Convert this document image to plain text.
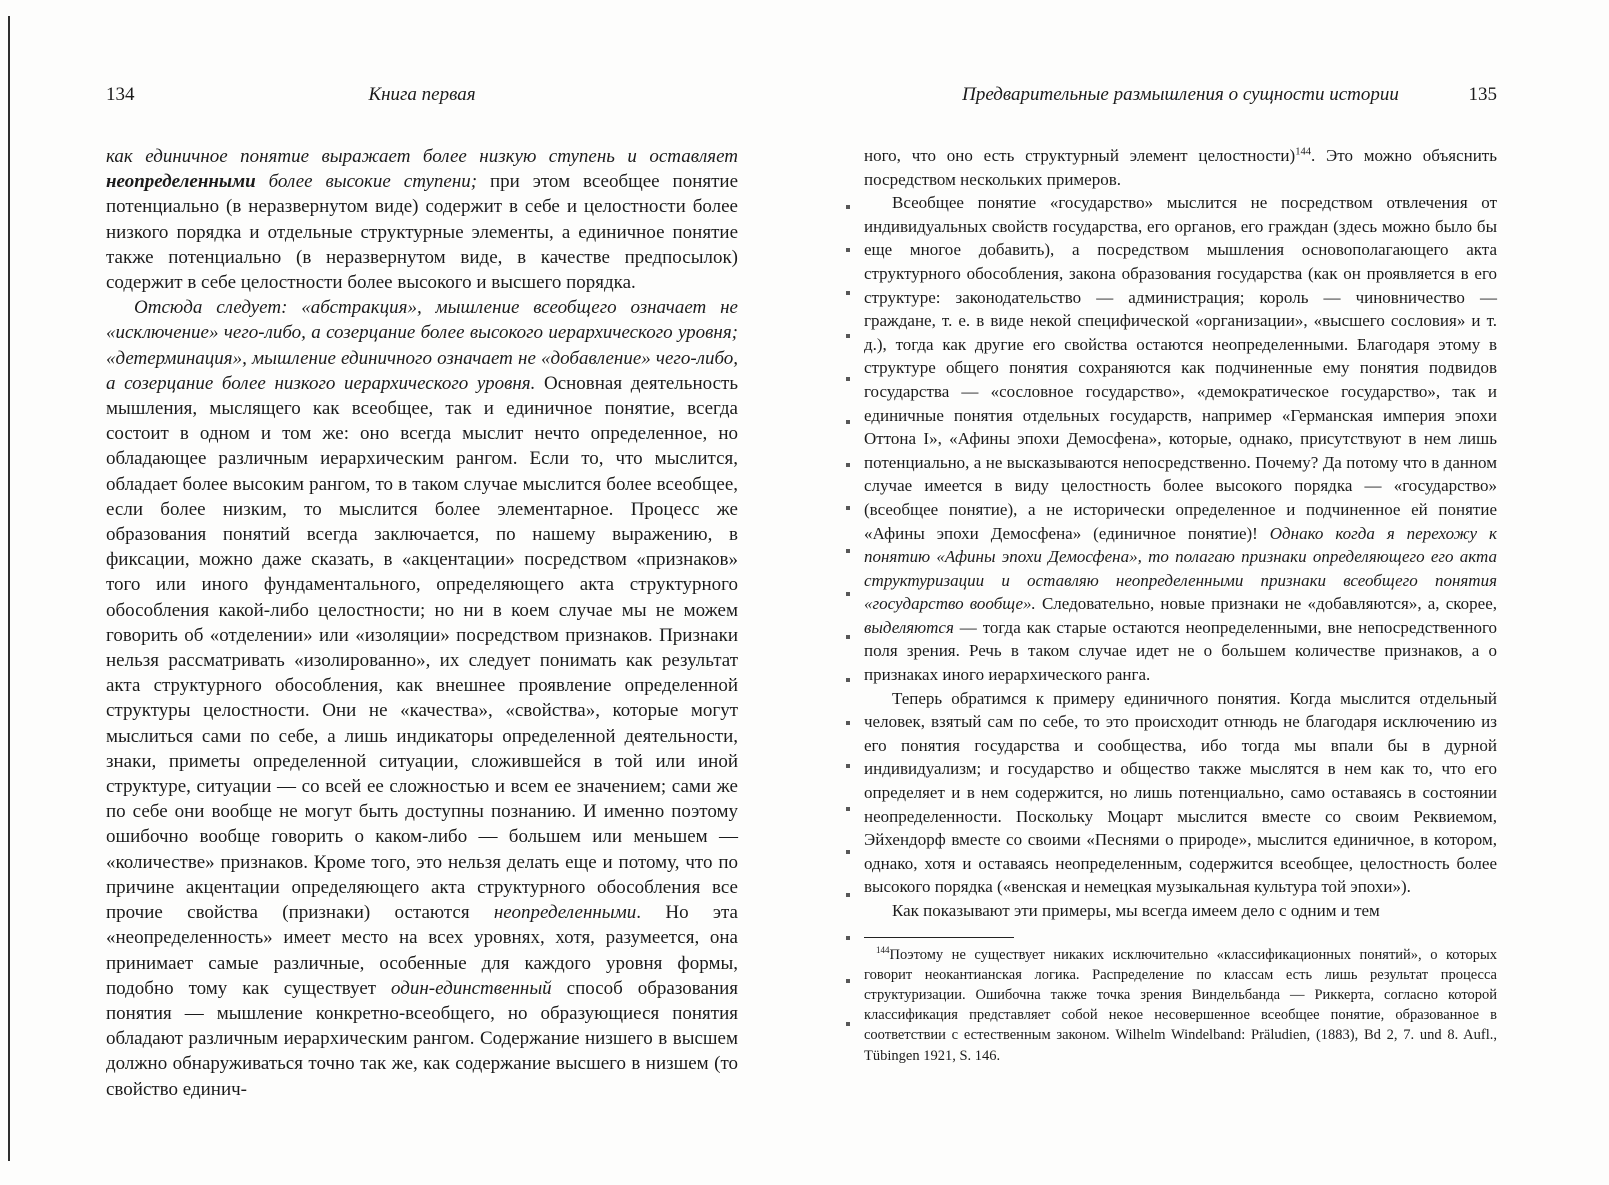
134	Книга первая

как единичное понятие выражает более низкую ступень и оставляет неопределенными более высокие ступени; при этом всеобщее понятие потенциально (в неразвернутом виде) содержит в себе и целостности более низкого порядка и отдельные структурные элементы, а единичное понятие также потенциально (в неразвернутом виде, в качестве предпосылок) содержит в себе целостности более высокого и высшего порядка.

Отсюда следует: «абстракция», мышление всеобщего означает не «исключение» чего-либо, а созерцание более высокого иерархического уровня; «детерминация», мышление единичного означает не «добавление» чего-либо, а созерцание более низкого иерархического уровня. Основная деятельность мышления, мыслящего как всеобщее, так и единичное понятие, всегда состоит в одном и том же: оно всегда мыслит нечто определенное, но обладающее различным иерархическим рангом. Если то, что мыслится, обладает более высоким рангом, то в таком случае мыслится более всеобщее, если более низким, то мыслится более элементарное. Процесс же образования понятий всегда заключается, по нашему выражению, в фиксации, можно даже сказать, в «акцентации» посредством «признаков» того или иного фундаментального, определяющего акта структурного обособления какой-либо целостности; но ни в коем случае мы не можем говорить об «отделении» или «изоляции» посредством признаков. Признаки нельзя рассматривать «изолированно», их следует понимать как результат акта структурного обособления, как внешнее проявление определенной структуры целостности. Они не «качества», «свойства», которые могут мыслиться сами по себе, а лишь индикаторы определенной деятельности, знаки, приметы определенной ситуации, сложившейся в той или иной структуре, ситуации — со всей ее сложностью и всем ее значением; сами же по себе они вообще не могут быть доступны познанию. И именно поэтому ошибочно вообще говорить о каком-либо — большем или меньшем — «количестве» признаков. Кроме того, это нельзя делать еще и потому, что по причине акцентации определяющего акта структурного обособления все прочие свойства (признаки) остаются неопределенными. Но эта «неопределенность» имеет место на всех уровнях, хотя, разумеется, она принимает самые различные, особенные для каждого уровня формы, подобно тому как существует один-единственный способ образования понятия — мышление конкретно-всеобщего, но образующиеся понятия обладают различным иерархическим рангом. Содержание низшего в высшем должно обнаруживаться точно так же, как содержание высшего в низшем (то свойство единич-

Предварительные размышления о сущности истории	135

ного, что оно есть структурный элемент целостности)$^{144}$. Это можно объяснить посредством нескольких примеров.

Всеобщее понятие «государство» мыслится не посредством отвлечения от индивидуальных свойств государства, его органов, его граждан (здесь можно было бы еще многое добавить), а посредством мышления основополагающего акта структурного обособления, закона образования государства (как он проявляется в его структуре: законодательство — администрация; король — чиновничество — граждане, т. е. в виде некой специфической «организации», «высшего сословия» и т. д.), тогда как другие его свойства остаются неопределенными. Благодаря этому в структуре общего понятия сохраняются как подчиненные ему понятия подвидов государства — «сословное государство», «демократическое государство», так и единичные понятия отдельных государств, например «Германская империя эпохи Оттона I», «Афины эпохи Демосфена», которые, однако, присутствуют в нем лишь потенциально, а не высказываются непосредственно. Почему? Да потому что в данном случае имеется в виду целостность более высокого порядка — «государство» (всеобщее понятие), а не исторически определенное и подчиненное ей понятие «Афины эпохи Демосфена» (единичное понятие)! Однако когда я перехожу к понятию «Афины эпохи Демосфена», то полагаю признаки определяющего его акта структуризации и оставляю неопределенными признаки всеобщего понятия «государство вообще». Следовательно, новые признаки не «добавляются», а, скорее, выделяются — тогда как старые остаются неопределенными, вне непосредственного поля зрения. Речь в таком случае идет не о большем количестве признаков, а о признаках иного иерархического ранга.

Теперь обратимся к примеру единичного понятия. Когда мыслится отдельный человек, взятый сам по себе, то это происходит отнюдь не благодаря исключению из его понятия государства и сообщества, ибо тогда мы впали бы в дурной индивидуализм; и государство и общество также мыслятся в нем как то, что его определяет и в нем содержится, но лишь потенциально, само оставаясь в состоянии неопределенности. Поскольку Моцарт мыслится вместе со своим Реквиемом, Эйхендорф вместе со своими «Песнями о природе», мыслится единичное, в котором, однако, хотя и оставаясь неопределенным, содержится всеобщее, целостность более высокого порядка («венская и немецкая музыкальная культура той эпохи»).

Как показывают эти примеры, мы всегда имеем дело с одним и тем

$^{144}$Поэтому не существует никаких исключительно «классификационных понятий», о которых говорит неокантианская логика. Распределение по классам есть лишь результат процесса структуризации. Ошибочна также точка зрения Виндельбанда — Риккерта, согласно которой классификация представляет собой некое несовершенное всеобщее понятие, образованное в соответствии с естественным законом. Wilhelm Windelband: Präludien, (1883), Bd 2, 7. und 8. Aufl., Tübingen 1921, S. 146.
